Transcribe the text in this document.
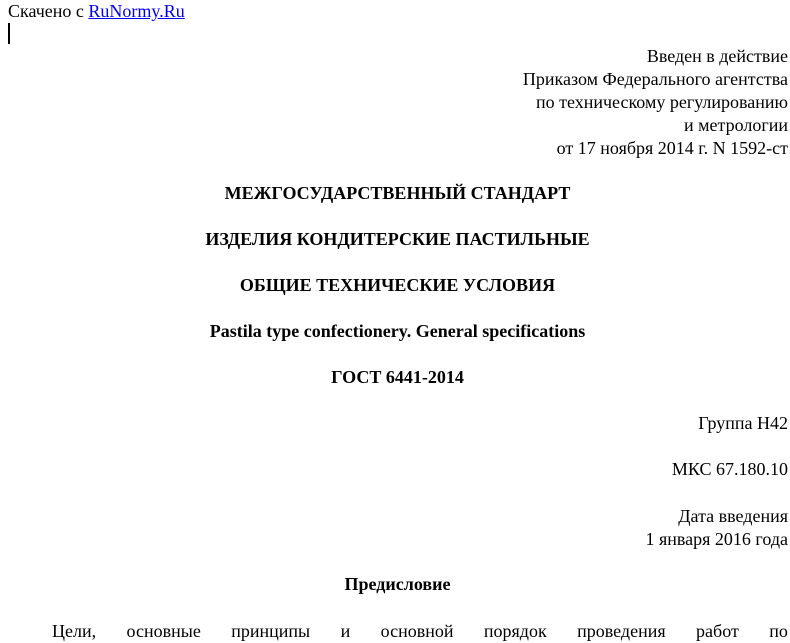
Скачено с RuNormy.Ru
Введен в действие
Приказом Федерального агентства
по техническому регулированию
и метрологии
от 17 ноября 2014 г. N 1592-ст
МЕЖГОСУДАРСТВЕННЫЙ СТАНДАРТ
ИЗДЕЛИЯ КОНДИТЕРСКИЕ ПАСТИЛЬНЫЕ
ОБЩИЕ ТЕХНИЧЕСКИЕ УСЛОВИЯ
Pastila type confectionery. General specifications
ГОСТ 6441-2014
Группа Н42
МКС 67.180.10
Дата введения
1 января 2016 года
Предисловие
Цели, основные принципы и основной порядок проведения работ по
